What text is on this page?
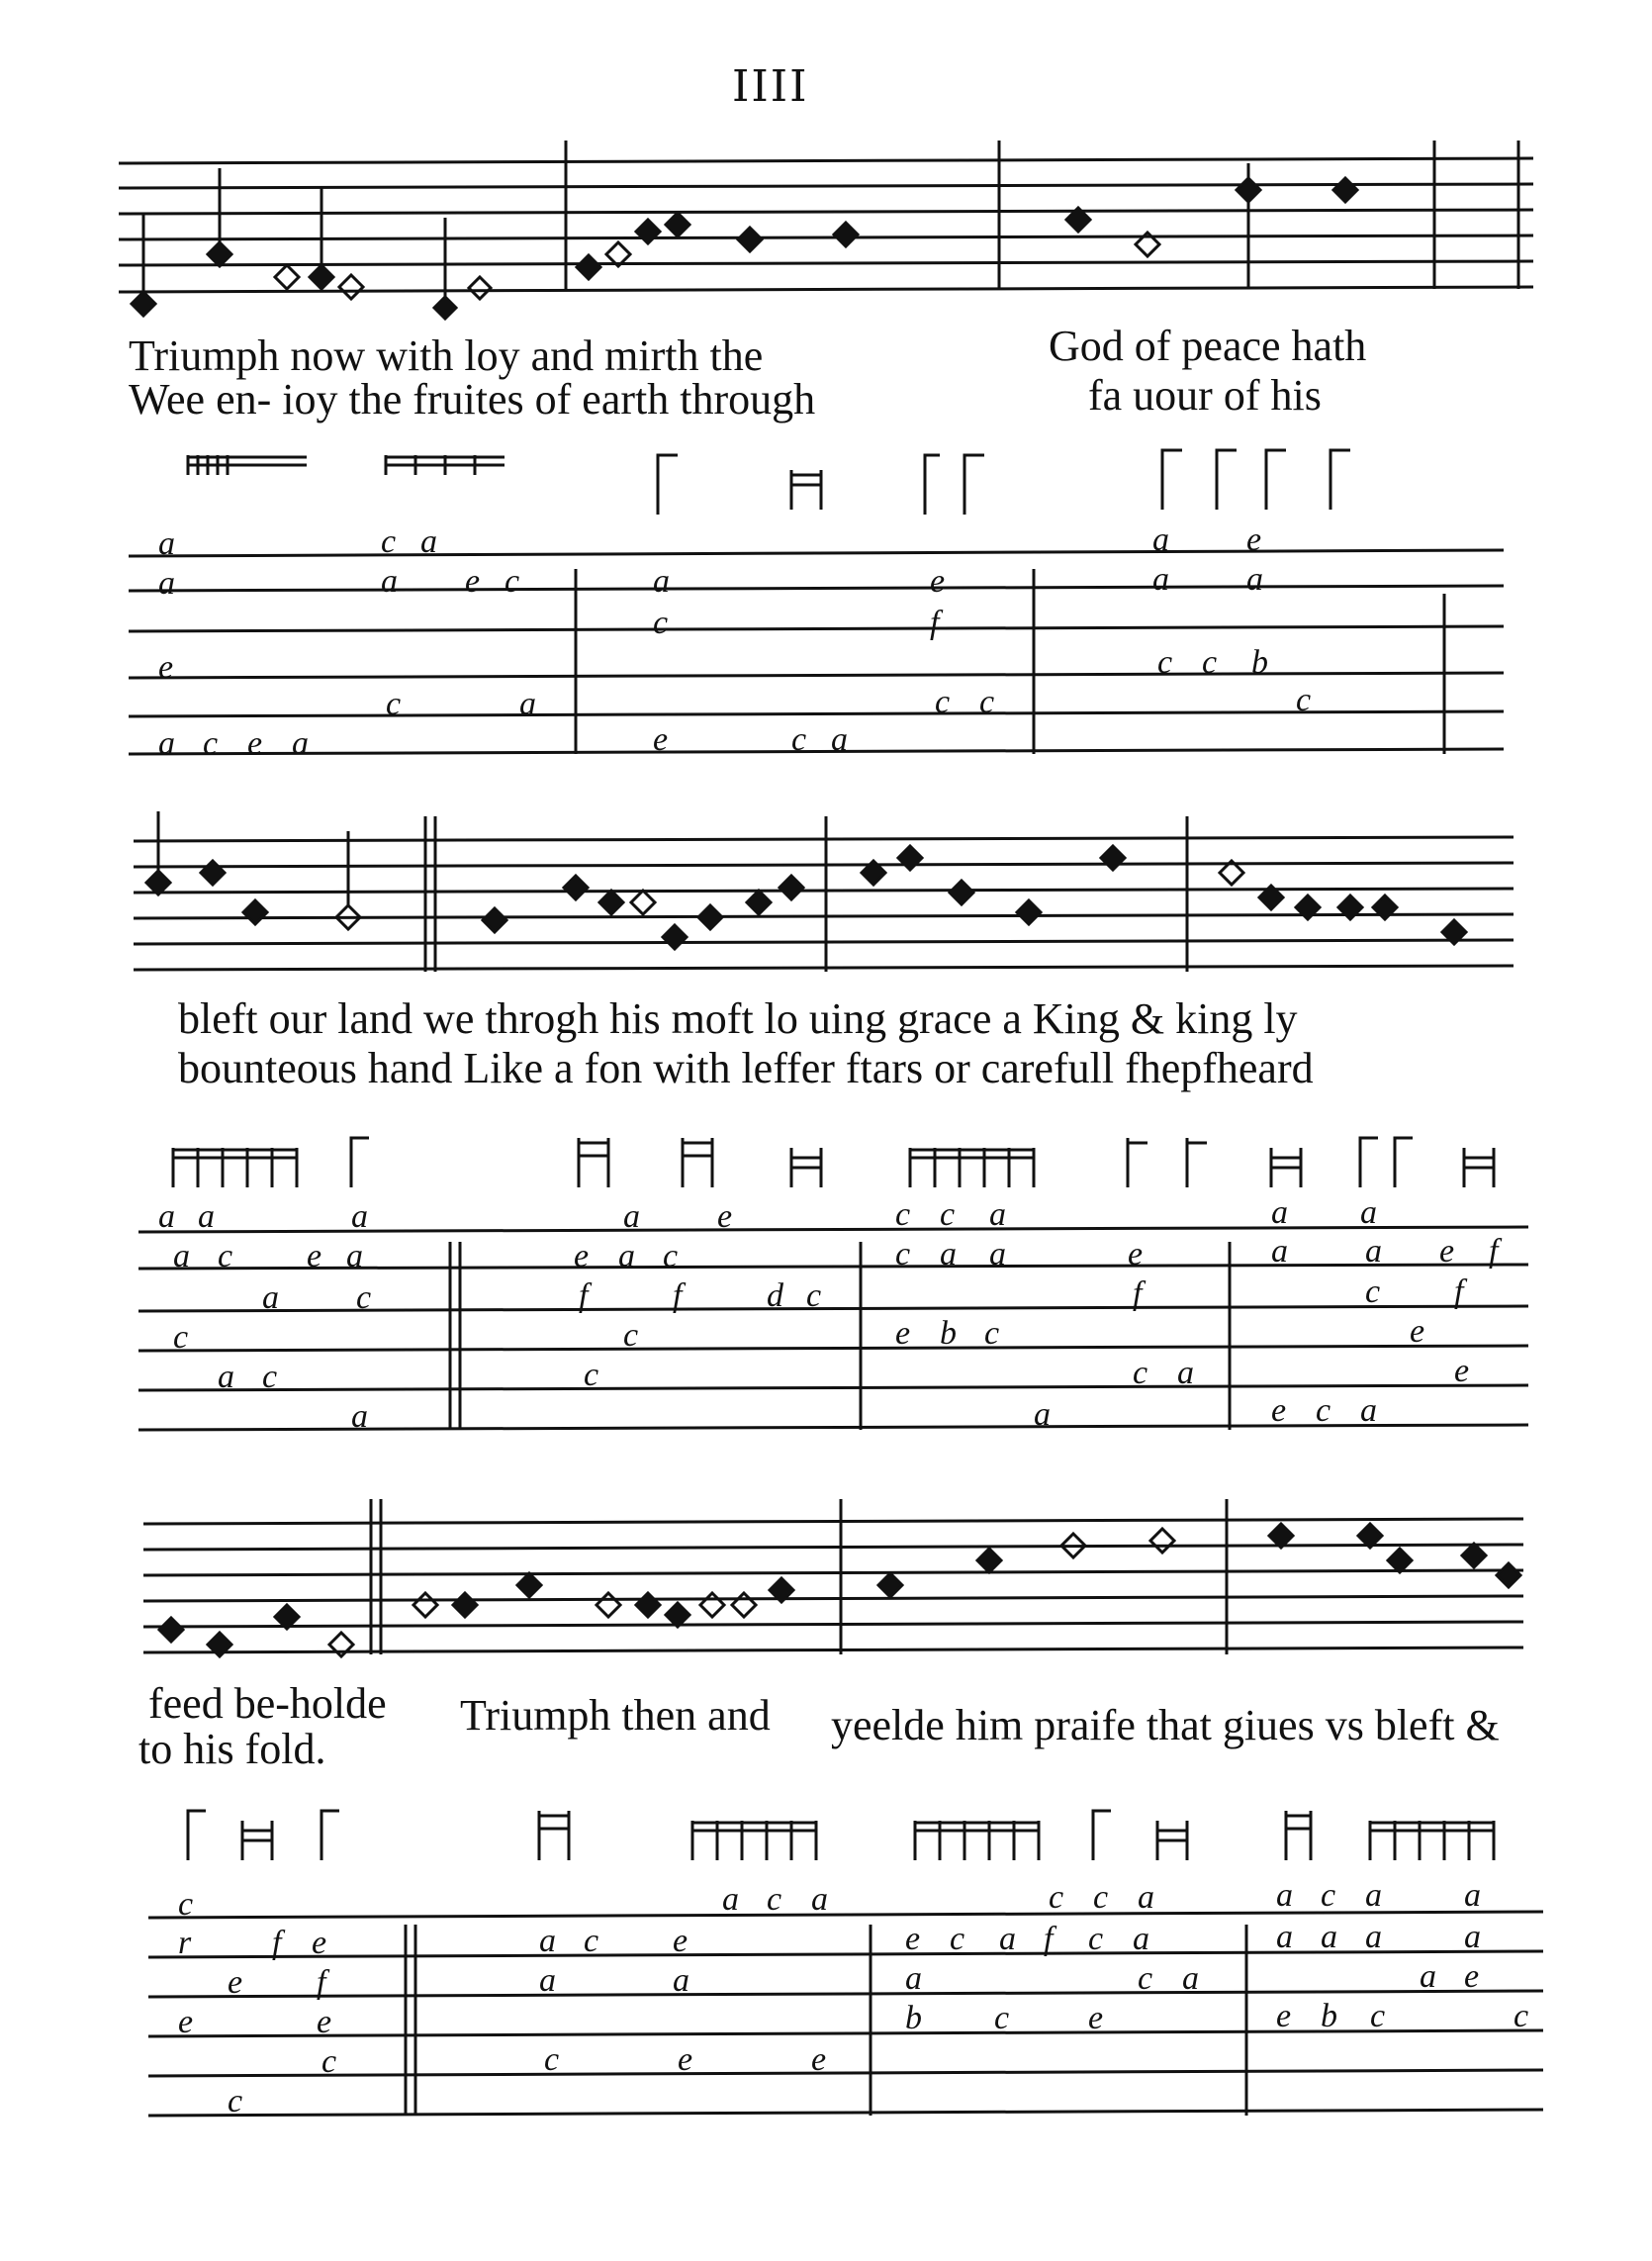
IIII
Triumph now with loy and mirth the	God of peace hath
Wee en- ioy the fruites of earth through	fa uour of his
a	c a	a e
a	a e c	a	e	a a
c	f
e	c c b
c	a	c c	c
a c e a	e	c a
bleft our land we throgh his moft lo uing grace a King & king ly
bounteous hand Like a fon with leffer ftars or carefull fhepfheard
a a	a	a e	c c a	a a
a c e a	e a c	c a a	e	a a e f
a c	f	f	d c	f	c f
c	c	e b c	e
a c	c	c a	e
a	a	e c a
feed be-holde
to his fold.
Triumph then and yeelde him praife that giues vs bleft &
c	a c a	c c a	a c a a
r f e	a c e	e c a f c a	a a a a
e f	a	a	a	c a	a e
e	e	b c e	e b c	c
c	c	e	e
c
